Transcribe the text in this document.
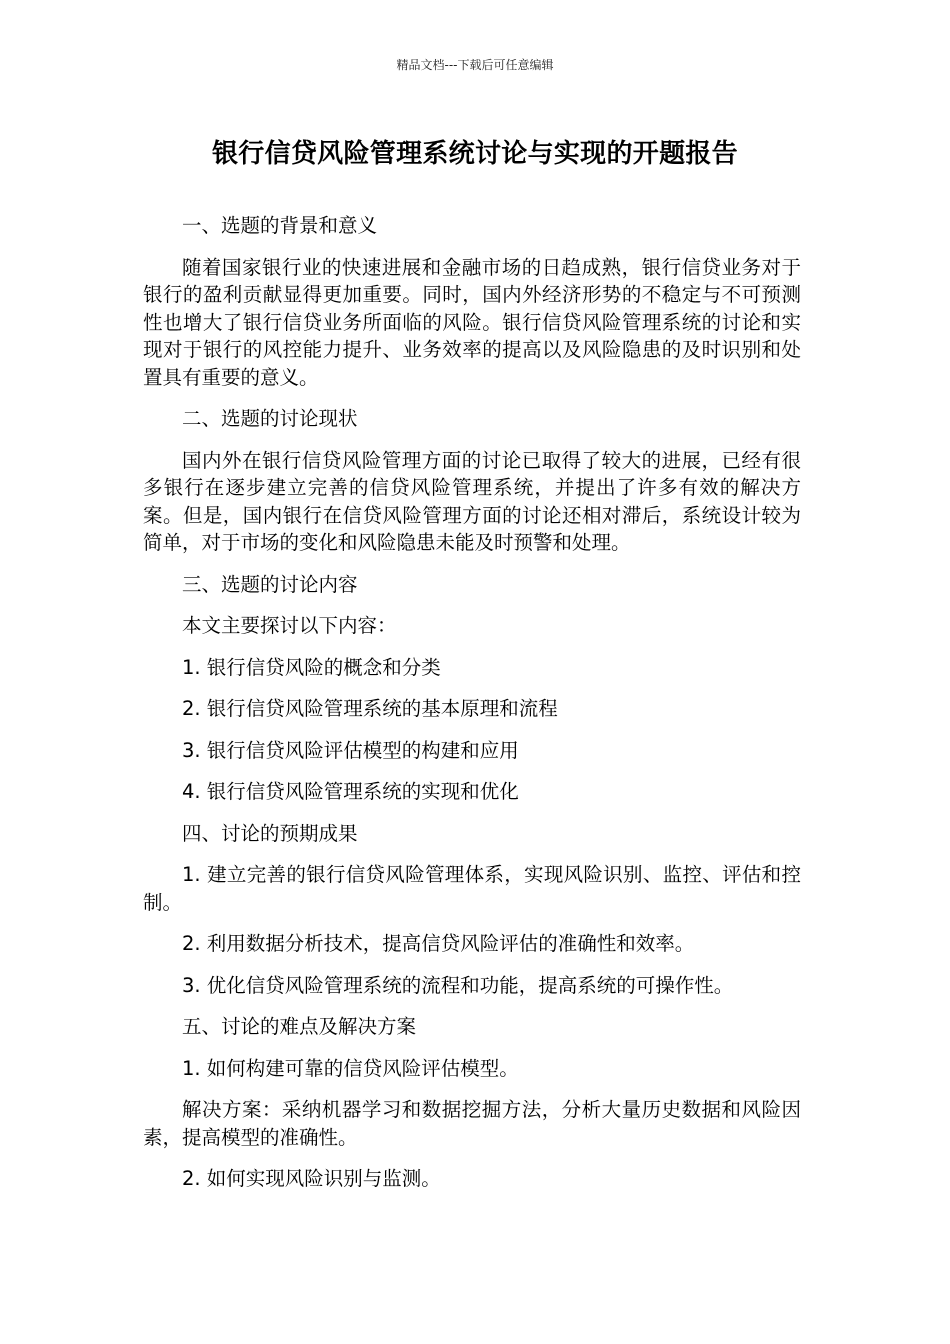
精品文档---下载后可任意编辑
银行信贷风险管理系统讨论与实现的开题报告

一、选题的背景和意义

随着国家银行业的快速进展和金融市场的日趋成熟，银行信贷业务对于银行的盈利贡献显得更加重要。同时，国内外经济形势的不稳定与不可预测性也增大了银行信贷业务所面临的风险。银行信贷风险管理系统的讨论和实现对于银行的风控能力提升、业务效率的提高以及风险隐患的及时识别和处置具有重要的意义。

二、选题的讨论现状

国内外在银行信贷风险管理方面的讨论已取得了较大的进展，已经有很多银行在逐步建立完善的信贷风险管理系统，并提出了许多有效的解决方案。但是，国内银行在信贷风险管理方面的讨论还相对滞后，系统设计较为简单，对于市场的变化和风险隐患未能及时预警和处理。

三、选题的讨论内容

本文主要探讨以下内容：

1. 银行信贷风险的概念和分类

2. 银行信贷风险管理系统的基本原理和流程

3. 银行信贷风险评估模型的构建和应用

4. 银行信贷风险管理系统的实现和优化

四、讨论的预期成果

1. 建立完善的银行信贷风险管理体系，实现风险识别、监控、评估和控制。

2. 利用数据分析技术，提高信贷风险评估的准确性和效率。

3. 优化信贷风险管理系统的流程和功能，提高系统的可操作性。

五、讨论的难点及解决方案

1. 如何构建可靠的信贷风险评估模型。

解决方案：采纳机器学习和数据挖掘方法，分析大量历史数据和风险因素，提高模型的准确性。

2. 如何实现风险识别与监测。
